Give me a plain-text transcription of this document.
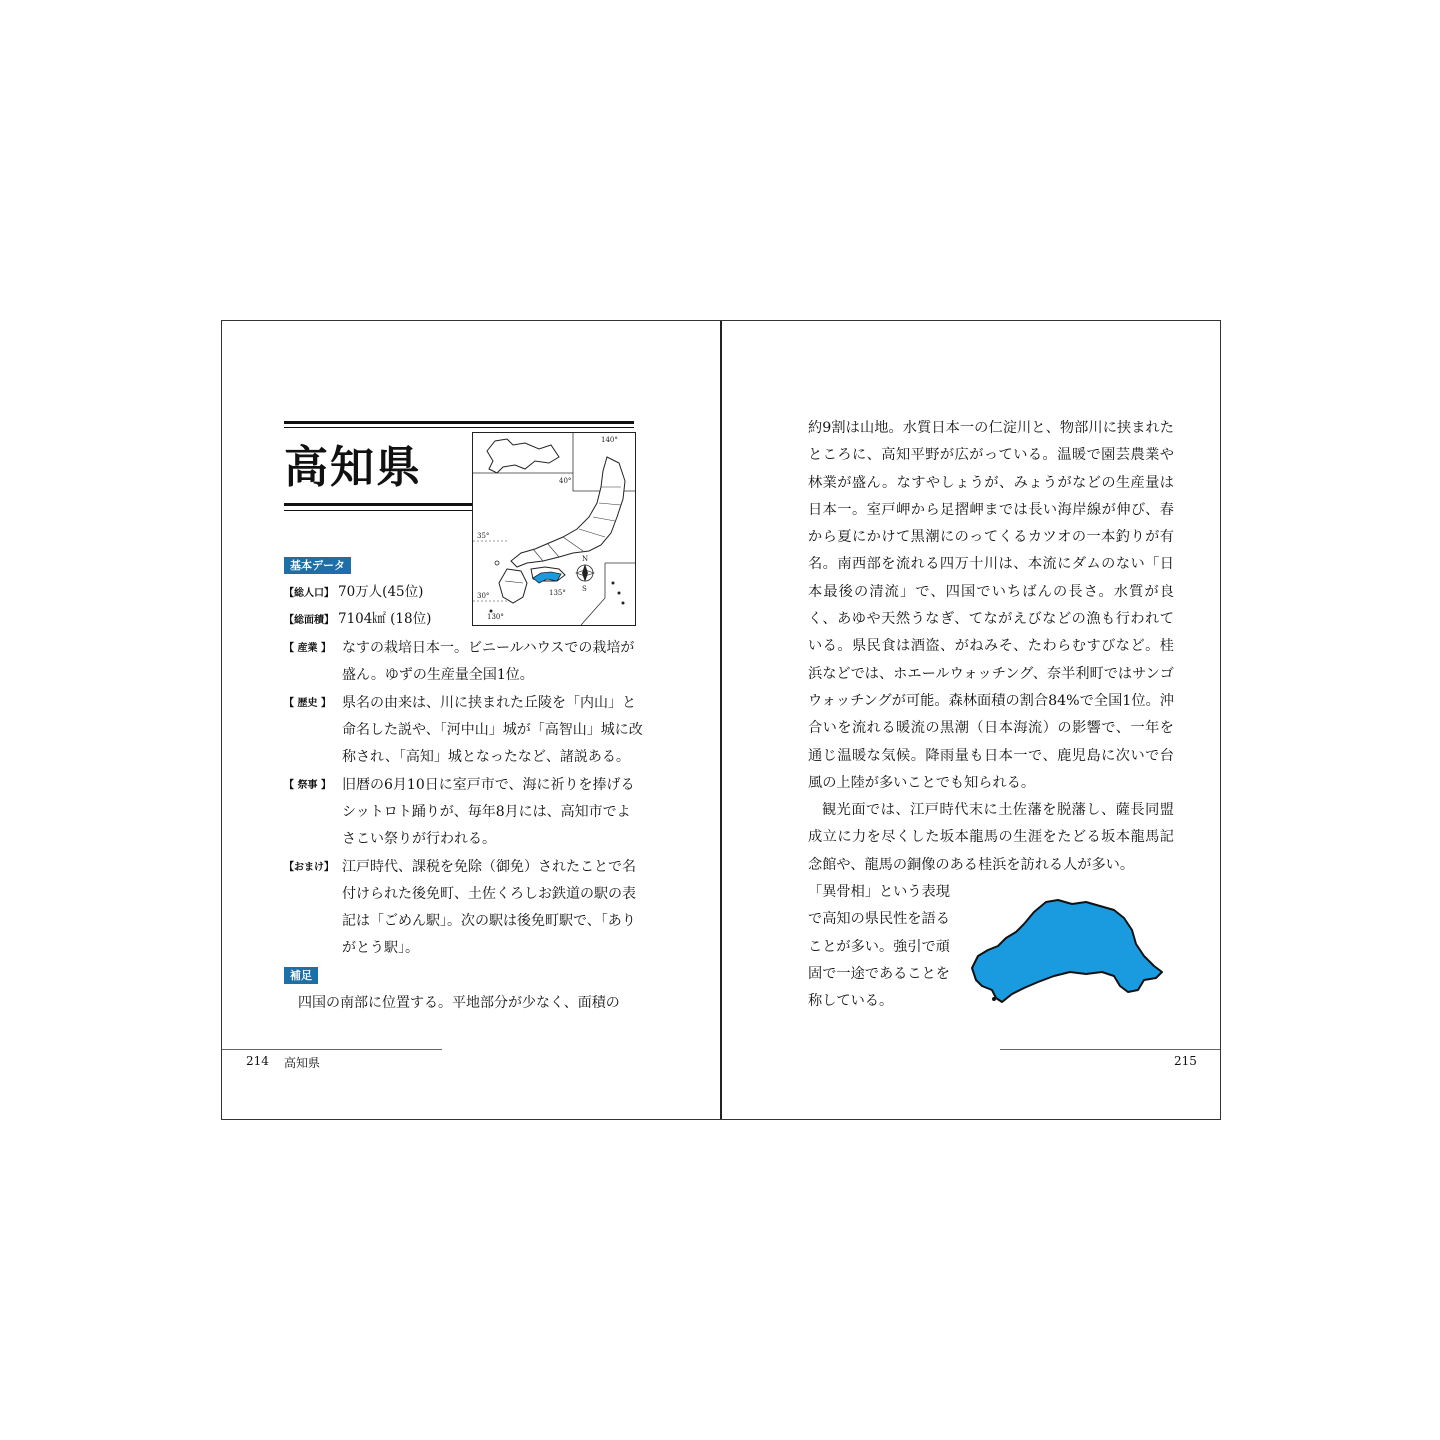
高知県
140°
40°
35°
30°
130°
135°
N
S
基本データ
【総人口】 70万人(45位)
【総面積】 7104㎢ (18位)
【 産業 】 なすの栽培日本一。ビニールハウスでの栽培が盛ん。ゆずの生産量全国1位。
【 歴史 】 県名の由来は、川に挟まれた丘陵を「内山」と命名した説や、「河中山」城が「高智山」城に改称され、「高知」城となったなど、諸説ある。
【 祭事 】 旧暦の6月10日に室戸市で、海に祈りを捧げるシットロト踊りが、毎年8月には、高知市でよさこい祭りが行われる。
【おまけ】 江戸時代、課税を免除（御免）されたことで名付けられた後免町、土佐くろしお鉄道の駅の表記は「ごめん駅」。次の駅は後免町駅で、「ありがとう駅」。
補足
四国の南部に位置する。平地部分が少なく、面積の
214 高知県

約9割は山地。水質日本一の仁淀川と、物部川に挟まれたところに、高知平野が広がっている。温暖で園芸農業や林業が盛ん。なすやしょうが、みょうがなどの生産量は日本一。室戸岬から足摺岬までは長い海岸線が伸び、春から夏にかけて黒潮にのってくるカツオの一本釣りが有名。南西部を流れる四万十川は、本流にダムのない「日本最後の清流」で、四国でいちばんの長さ。水質が良く、あゆや天然うなぎ、てながえびなどの漁も行われている。県民食は酒盗、がねみそ、たわらむすびなど。桂浜などでは、ホエールウォッチング、奈半利町ではサンゴウォッチングが可能。森林面積の割合84%で全国1位。沖合いを流れる暖流の黒潮（日本海流）の影響で、一年を通じ温暖な気候。降雨量も日本一で、鹿児島に次いで台風の上陸が多いことでも知られる。

観光面では、江戸時代末に土佐藩を脱藩し、薩長同盟成立に力を尽くした坂本龍馬の生涯をたどる坂本龍馬記念館や、龍馬の銅像のある桂浜を訪れる人が多い。

「異骨相」という表現で高知の県民性を語ることが多い。強引で頑固で一途であることを称している。
215
